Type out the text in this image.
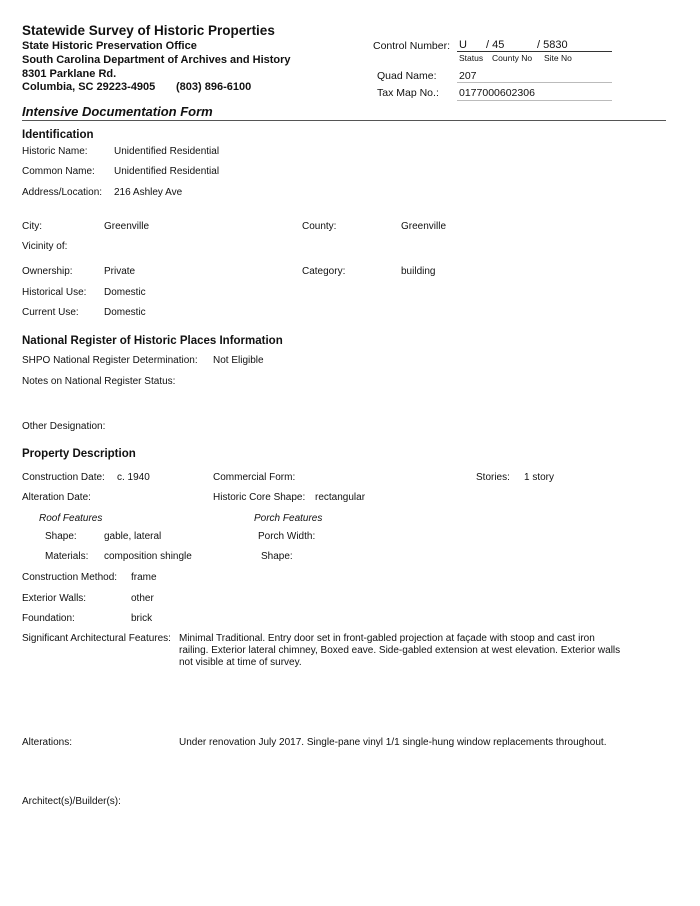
Statewide Survey of Historic Properties
State Historic Preservation Office
South Carolina Department of Archives and History
8301 Parklane Rd.
Columbia, SC 29223-4905 (803) 896-6100
Control Number: U / 45	/ 5830
Status County No Site No
Quad Name: 207
Tax Map No.: 0177000602306
Intensive Documentation Form
Identification
Historic Name:	Unidentified Residential
Common Name: Unidentified Residential
Address/Location: 216 Ashley Ave
City:	Greenville	County:	Greenville
Vicinity of:
Ownership:	Private	Category:	building
Historical Use: Domestic
Current Use:	Domestic
National Register of Historic Places Information
SHPO National Register Determination: Not Eligible
Notes on National Register Status:
Other Designation:
Property Description
Construction Date: c. 1940	Commercial Form:	Stories: 1 story
Alteration Date:	Historic Core Shape: rectangular
Roof Features	Porch Features
Shape:	gable, lateral	Porch Width:
Materials: composition shingle	Shape:
Construction Method: frame
Exterior Walls:	other
Foundation:	brick
Significant Architectural Features: Minimal Traditional. Entry door set in front-gabled projection at façade with stoop and cast iron railing. Exterior lateral chimney, Boxed eave. Side-gabled extension at west elevation. Exterior walls not visible at time of survey.
Alterations:	Under renovation July 2017. Single-pane vinyl 1/1 single-hung window replacements throughout.
Architect(s)/Builder(s):
